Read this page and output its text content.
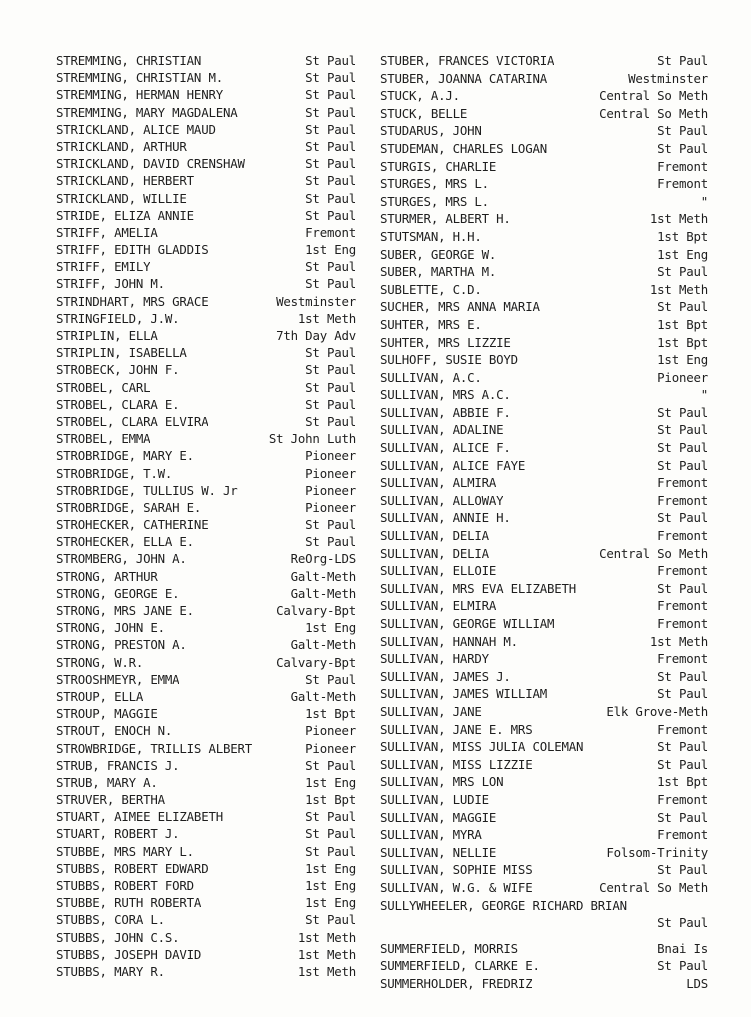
STREMMING, CHRISTIAN	St Paul
STREMMING, CHRISTIAN M.	St Paul
STREMMING, HERMAN HENRY	St Paul
STREMMING, MARY MAGDALENA	St Paul
STRICKLAND, ALICE MAUD	St Paul
STRICKLAND, ARTHUR	St Paul
STRICKLAND, DAVID CRENSHAW	St Paul
STRICKLAND, HERBERT	St Paul
STRICKLAND, WILLIE	St Paul
STRIDE, ELIZA ANNIE	St Paul
STRIFF, AMELIA	Fremont
STRIFF, EDITH GLADDIS	1st Eng
STRIFF, EMILY	St Paul
STRIFF, JOHN M.	St Paul
STRINDHART, MRS GRACE	Westminster
STRINGFIELD, J.W.	1st Meth
STRIPLIN, ELLA	7th Day Adv
STRIPLIN, ISABELLA	St Paul
STROBECK, JOHN F.	St Paul
STROBEL, CARL	St Paul
STROBEL, CLARA E.	St Paul
STROBEL, CLARA ELVIRA	St Paul
STROBEL, EMMA	St John Luth
STROBRIDGE, MARY E.	Pioneer
STROBRIDGE, T.W.	Pioneer
STROBRIDGE, TULLIUS W. Jr	Pioneer
STROBRIDGE, SARAH E.	Pioneer
STROHECKER, CATHERINE	St Paul
STROHECKER, ELLA E.	St Paul
STROMBERG, JOHN A.	ReOrg-LDS
STRONG, ARTHUR	Galt-Meth
STRONG, GEORGE E.	Galt-Meth
STRONG, MRS JANE E.	Calvary-Bpt
STRONG, JOHN E.	1st Eng
STRONG, PRESTON A.	Galt-Meth
STRONG, W.R.	Calvary-Bpt
STROOSHMEYR, EMMA	St Paul
STROUP, ELLA	Galt-Meth
STROUP, MAGGIE	1st Bpt
STROUT, ENOCH N.	Pioneer
STROWBRIDGE, TRILLIS ALBERT	Pioneer
STRUB, FRANCIS J.	St Paul
STRUB, MARY A.	1st Eng
STRUVER, BERTHA	1st Bpt
STUART, AIMEE ELIZABETH	St Paul
STUART, ROBERT J.	St Paul
STUBBE, MRS MARY L.	St Paul
STUBBS, ROBERT EDWARD	1st Eng
STUBBS, ROBERT FORD	1st Eng
STUBBE, RUTH ROBERTA	1st Eng
STUBBS, CORA L.	St Paul
STUBBS, JOHN C.S.	1st Meth
STUBBS, JOSEPH DAVID	1st Meth
STUBBS, MARY R.	1st Meth
STUBER, FRANCES VICTORIA	St Paul
STUBER, JOANNA CATARINA	Westminster
STUCK, A.J.	Central So Meth
STUCK, BELLE	Central So Meth
STUDARUS, JOHN	St Paul
STUDEMAN, CHARLES LOGAN	St Paul
STURGIS, CHARLIE	Fremont
STURGES, MRS L.	Fremont
STURGES, MRS L.	"
STURMER, ALBERT H.	1st Meth
STUTSMAN, H.H.	1st Bpt
SUBER, GEORGE W.	1st Eng
SUBER, MARTHA M.	St Paul
SUBLETTE, C.D.	1st Meth
SUCHER, MRS ANNA MARIA	St Paul
SUHTER, MRS E.	1st Bpt
SUHTER, MRS LIZZIE	1st Bpt
SULHOFF, SUSIE BOYD	1st Eng
SULLIVAN, A.C.	Pioneer
SULLIVAN, MRS A.C.	"
SULLIVAN, ABBIE F.	St Paul
SULLIVAN, ADALINE	St Paul
SULLIVAN, ALICE F.	St Paul
SULLIVAN, ALICE FAYE	St Paul
SULLIVAN, ALMIRA	Fremont
SULLIVAN, ALLOWAY	Fremont
SULLIVAN, ANNIE H.	St Paul
SULLIVAN, DELIA	Fremont
SULLIVAN, DELIA	Central So Meth
SULLIVAN, ELLOIE	Fremont
SULLIVAN, MRS EVA ELIZABETH	St Paul
SULLIVAN, ELMIRA	Fremont
SULLIVAN, GEORGE WILLIAM	Fremont
SULLIVAN, HANNAH M.	1st Meth
SULLIVAN, HARDY	Fremont
SULLIVAN, JAMES J.	St Paul
SULLIVAN, JAMES WILLIAM	St Paul
SULLIVAN, JANE	Elk Grove-Meth
SULLIVAN, JANE E. MRS	Fremont
SULLIVAN, MISS JULIA COLEMAN	St Paul
SULLIVAN, MISS LIZZIE	St Paul
SULLIVAN, MRS LON	1st Bpt
SULLIVAN, LUDIE	Fremont
SULLIVAN, MAGGIE	St Paul
SULLIVAN, MYRA	Fremont
SULLIVAN, NELLIE	Folsom-Trinity
SULLIVAN, SOPHIE MISS	St Paul
SULLIVAN, W.G. & WIFE	Central So Meth
SULLYWHEELER, GEORGE RICHARD BRIAN
St Paul
SUMMERFIELD, MORRIS	Bnai Is
SUMMERFIELD, CLARKE E.	St Paul
SUMMERHOLDER, FREDRIZ	LDS
